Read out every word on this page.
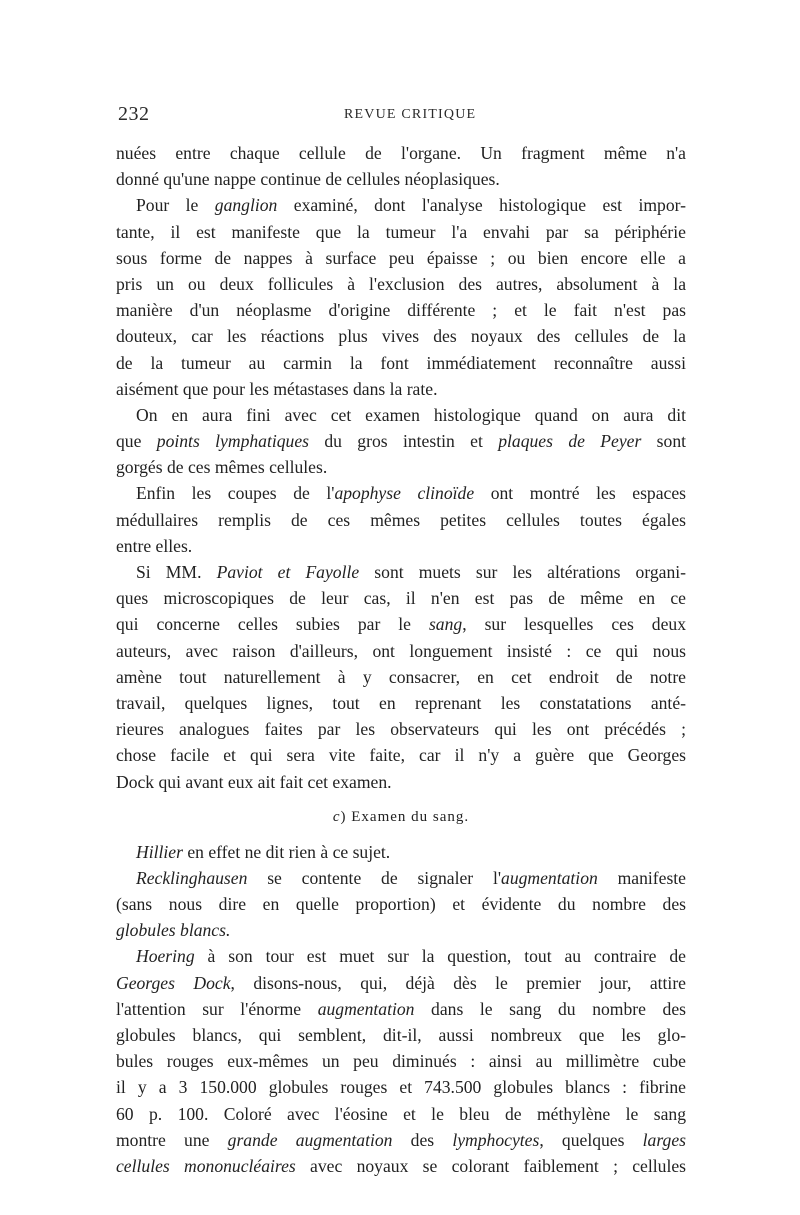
232	REVUE CRITIQUE
nuées entre chaque cellule de l'organe. Un fragment même n'a
donné qu'une nappe continue de cellules néoplasiques.
Pour le ganglion examiné, dont l'analyse histologique est impor-
tante, il est manifeste que la tumeur l'a envahi par sa périphérie
sous forme de nappes à surface peu épaisse ; ou bien encore elle a
pris un ou deux follicules à l'exclusion des autres, absolument à la
manière d'un néoplasme d'origine différente ; et le fait n'est pas
douteux, car les réactions plus vives des noyaux des cellules de la
de la tumeur au carmin la font immédiatement reconnaître aussi
aisément que pour les métastases dans la rate.
On en aura fini avec cet examen histologique quand on aura dit
que points lymphatiques du gros intestin et plaques de Peyer sont
gorgés de ces mêmes cellules.
Enfin les coupes de l'apophyse clinoïde ont montré les espaces
médullaires remplis de ces mêmes petites cellules toutes égales
entre elles.
Si MM. Paviot et Fayolle sont muets sur les altérations organi-
ques microscopiques de leur cas, il n'en est pas de même en ce
qui concerne celles subies par le sang, sur lesquelles ces deux
auteurs, avec raison d'ailleurs, ont longuement insisté : ce qui nous
amène tout naturellement à y consacrer, en cet endroit de notre
travail, quelques lignes, tout en reprenant les constatations anté-
rieures analogues faites par les observateurs qui les ont précédés ;
chose facile et qui sera vite faite, car il n'y a guère que Georges
Dock qui avant eux ait fait cet examen.
c) Examen du sang.
Hillier en effet ne dit rien à ce sujet.
Recklinghausen se contente de signaler l'augmentation manifeste
(sans nous dire en quelle proportion) et évidente du nombre des
globules blancs.
Hoering à son tour est muet sur la question, tout au contraire de
Georges Dock, disons-nous, qui, déjà dès le premier jour, attire
l'attention sur l'énorme augmentation dans le sang du nombre des
globules blancs, qui semblent, dit-il, aussi nombreux que les glo-
bules rouges eux-mêmes un peu diminués : ainsi au millimètre cube
il y a 3 150.000 globules rouges et 743.500 globules blancs : fibrine
60 p. 100. Coloré avec l'éosine et le bleu de méthylène le sang
montre une grande augmentation des lymphocytes, quelques larges
cellules mononucléaires avec noyaux se colorant faiblement ; cellules
